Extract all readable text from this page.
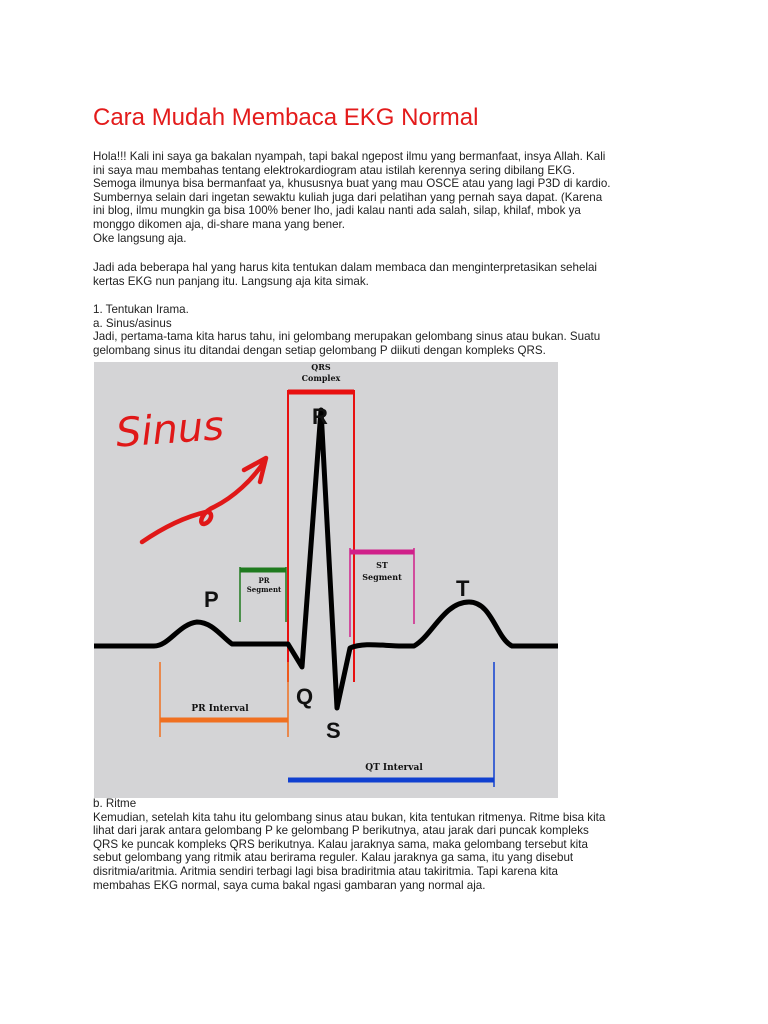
Cara Mudah Membaca EKG Normal
Hola!!! Kali ini saya ga bakalan nyampah, tapi bakal ngepost ilmu yang bermanfaat, insya Allah. Kali
ini saya mau membahas tentang elektrokardiogram atau istilah kerennya sering dibilang EKG.
Semoga ilmunya bisa bermanfaat ya, khususnya buat yang mau OSCE atau yang lagi P3D di kardio.
Sumbernya selain dari ingetan sewaktu kuliah juga dari pelatihan yang pernah saya dapat. (Karena
ini blog, ilmu mungkin ga bisa 100% bener lho, jadi kalau nanti ada salah, silap, khilaf, mbok ya
monggo dikomen aja, di-share mana yang bener.
Oke langsung aja.
Jadi ada beberapa hal yang harus kita tentukan dalam membaca dan menginterpretasikan sehelai
kertas EKG nun panjang itu. Langsung aja kita simak.
1. Tentukan Irama.
a. Sinus/asinus
Jadi, pertama-tama kita harus tahu, ini gelombang merupakan gelombang sinus atau bukan. Suatu
gelombang sinus itu ditandai dengan setiap gelombang P diikuti dengan kompleks QRS.
Sinus
QRS
Complex
PR
Segment
ST
Segment
R
P	T
Q
S
PR Interval
QT Interval
b. Ritme
Kemudian, setelah kita tahu itu gelombang sinus atau bukan, kita tentukan ritmenya. Ritme bisa kita
lihat dari jarak antara gelombang P ke gelombang P berikutnya, atau jarak dari puncak kompleks
QRS ke puncak kompleks QRS berikutnya. Kalau jaraknya sama, maka gelombang tersebut kita
sebut gelombang yang ritmik atau berirama reguler. Kalau jaraknya ga sama, itu yang disebut
disritmia/aritmia. Aritmia sendiri terbagi lagi bisa bradiritmia atau takiritmia. Tapi karena kita
membahas EKG normal, saya cuma bakal ngasi gambaran yang normal aja.
